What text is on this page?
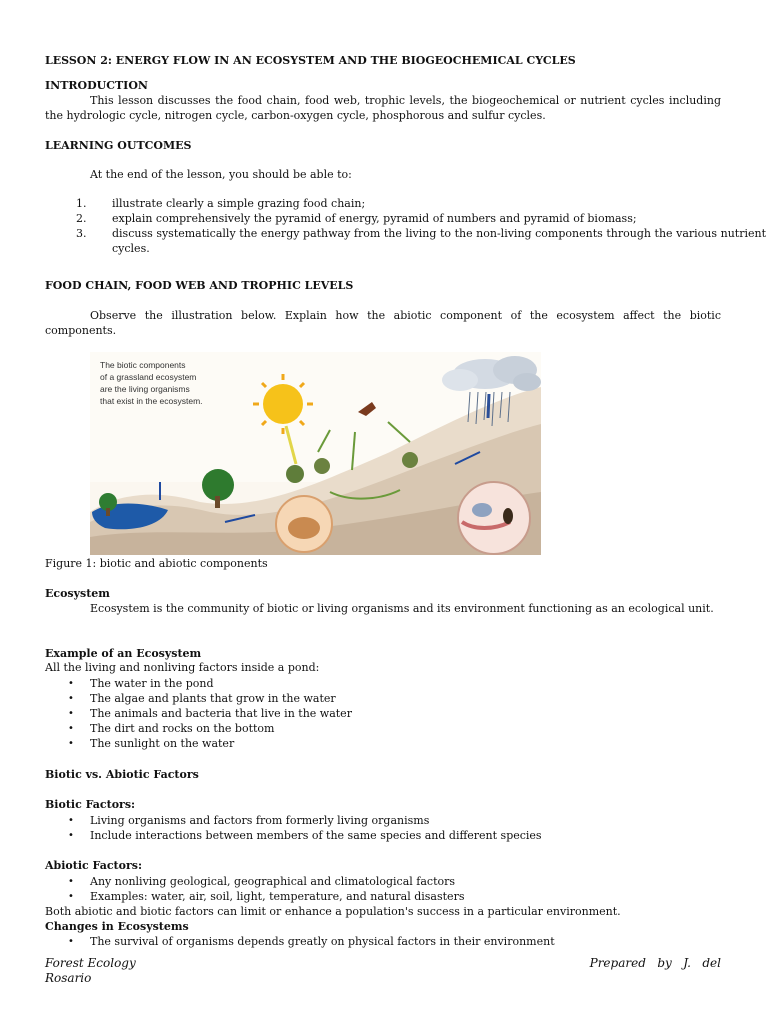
LESSON 2: ENERGY FLOW IN AN ECOSYSTEM AND THE BIOGEOCHEMICAL CYCLES
INTRODUCTION
This lesson discusses the food chain, food web, trophic levels, the biogeochemical or nutrient cycles including the hydrologic cycle, nitrogen cycle, carbon-oxygen cycle, phosphorous and sulfur cycles.
LEARNING OUTCOMES
At the end of the lesson, you should be able to:
1. illustrate clearly a simple grazing food chain;
2. explain comprehensively the pyramid of energy, pyramid of numbers and pyramid of biomass;
3. discuss systematically the energy pathway from the living to the non-living components through the various nutrient cycles.
FOOD CHAIN, FOOD WEB AND TROPHIC LEVELS
Observe the illustration below. Explain how the abiotic component of the ecosystem affect the biotic components.
The biotic components
of a grassland ecosystem
are the living organisms
that exist in the ecosystem.
Figure 1: biotic and abiotic components
Ecosystem
Ecosystem is the community of biotic or living organisms and its environment functioning as an ecological unit.
Example of an Ecosystem
All the living and nonliving factors inside a pond:
• The water in the pond
• The algae and plants that grow in the water
• The animals and bacteria that live in the water
• The dirt and rocks on the bottom
• The sunlight on the water
Biotic vs. Abiotic Factors
Biotic Factors:
• Living organisms and factors from formerly living organisms
• Include interactions between members of the same species and different species
Abiotic Factors:
• Any nonliving geological, geographical and climatological factors
• Examples: water, air, soil, light, temperature, and natural disasters
Both abiotic and biotic factors can limit or enhance a population's success in a particular environment.
Changes in Ecosystems
• The survival of organisms depends greatly on physical factors in their environment
Forest Ecology
Rosario
Prepared   by   J.   del
